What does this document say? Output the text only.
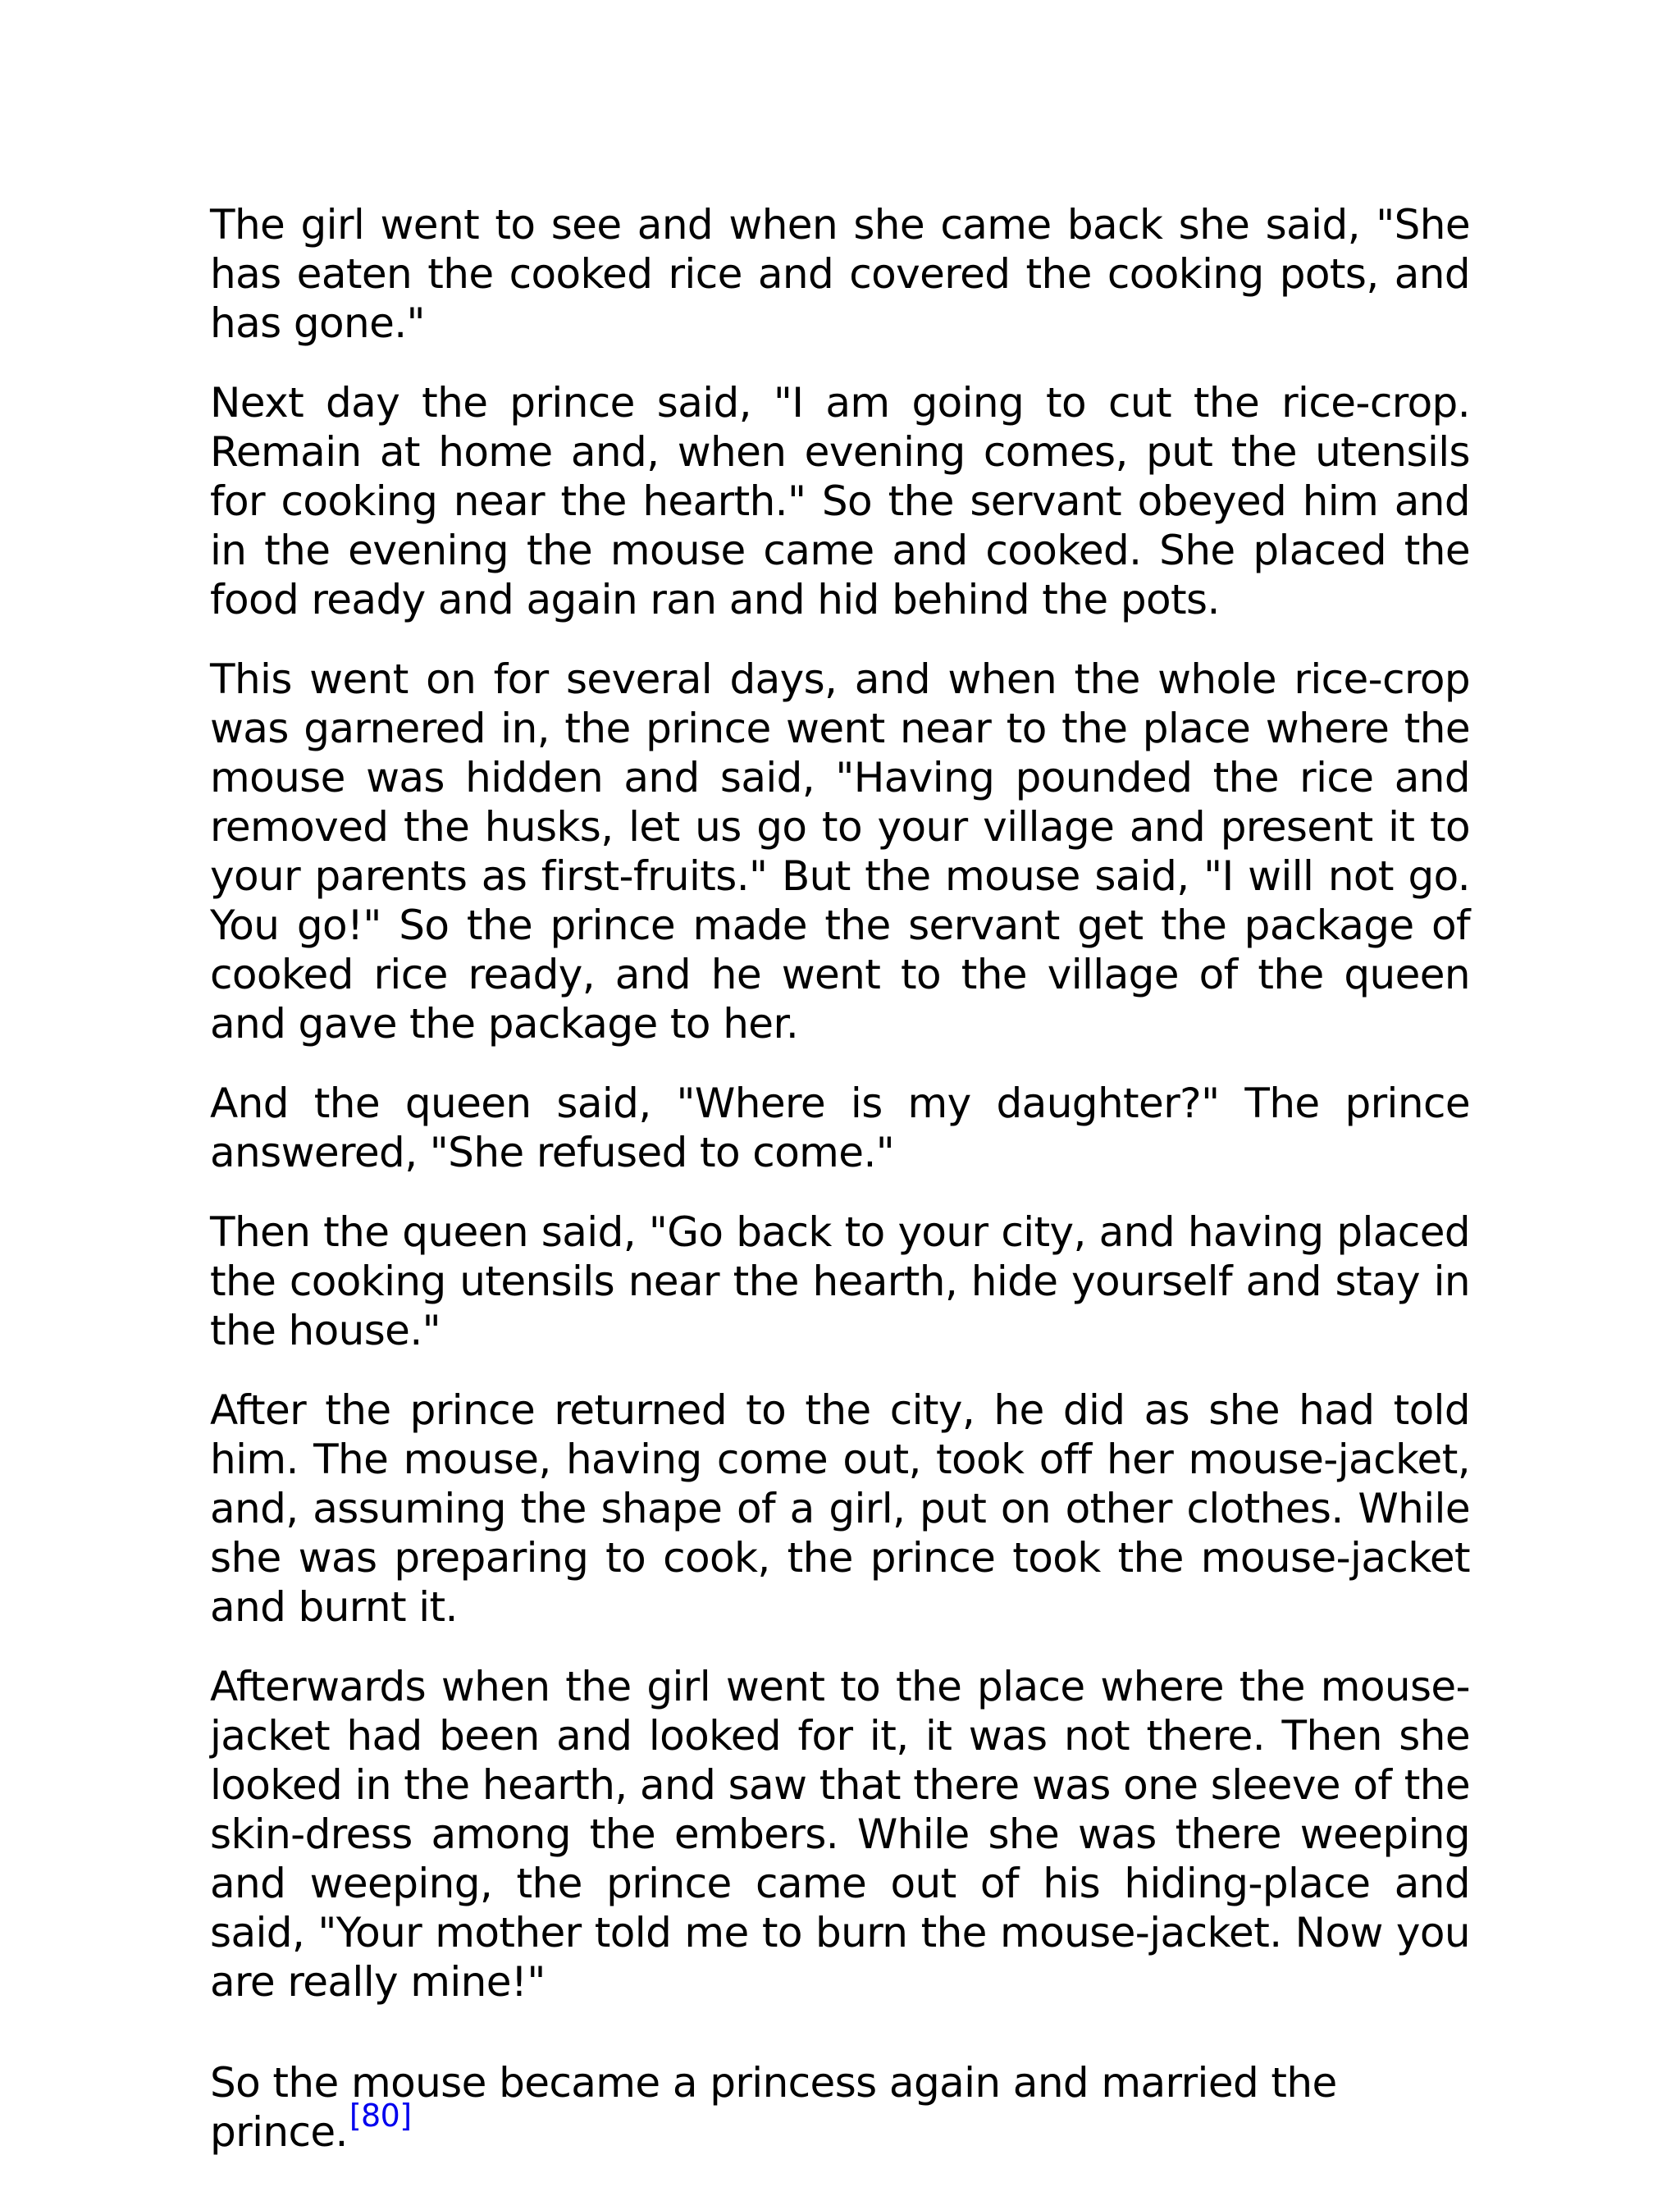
The girl went to see and when she came back she said, "She has eaten the cooked rice and covered the cooking pots, and has gone."

Next day the prince said, "I am going to cut the rice-crop. Remain at home and, when evening comes, put the utensils for cooking near the hearth." So the servant obeyed him and in the evening the mouse came and cooked. She placed the food ready and again ran and hid behind the pots.

This went on for several days, and when the whole rice-crop was garnered in, the prince went near to the place where the mouse was hidden and said, "Having pounded the rice and removed the husks, let us go to your village and present it to your parents as first-fruits." But the mouse said, "I will not go. You go!" So the prince made the servant get the package of cooked rice ready, and he went to the village of the queen and gave the package to her.

And the queen said, "Where is my daughter?" The prince answered, "She refused to come."

Then the queen said, "Go back to your city, and having placed the cooking utensils near the hearth, hide yourself and stay in the house."

After the prince returned to the city, he did as she had told him. The mouse, having come out, took off her mouse-jacket, and, assuming the shape of a girl, put on other clothes. While she was preparing to cook, the prince took the mouse-jacket and burnt it.

Afterwards when the girl went to the place where the mouse-jacket had been and looked for it, it was not there. Then she looked in the hearth, and saw that there was one sleeve of the skin-dress among the embers. While she was there weeping and weeping, the prince came out of his hiding-place and said, "Your mother told me to burn the mouse-jacket. Now you are really mine!"

So the mouse became a princess again and married the prince.[80]
